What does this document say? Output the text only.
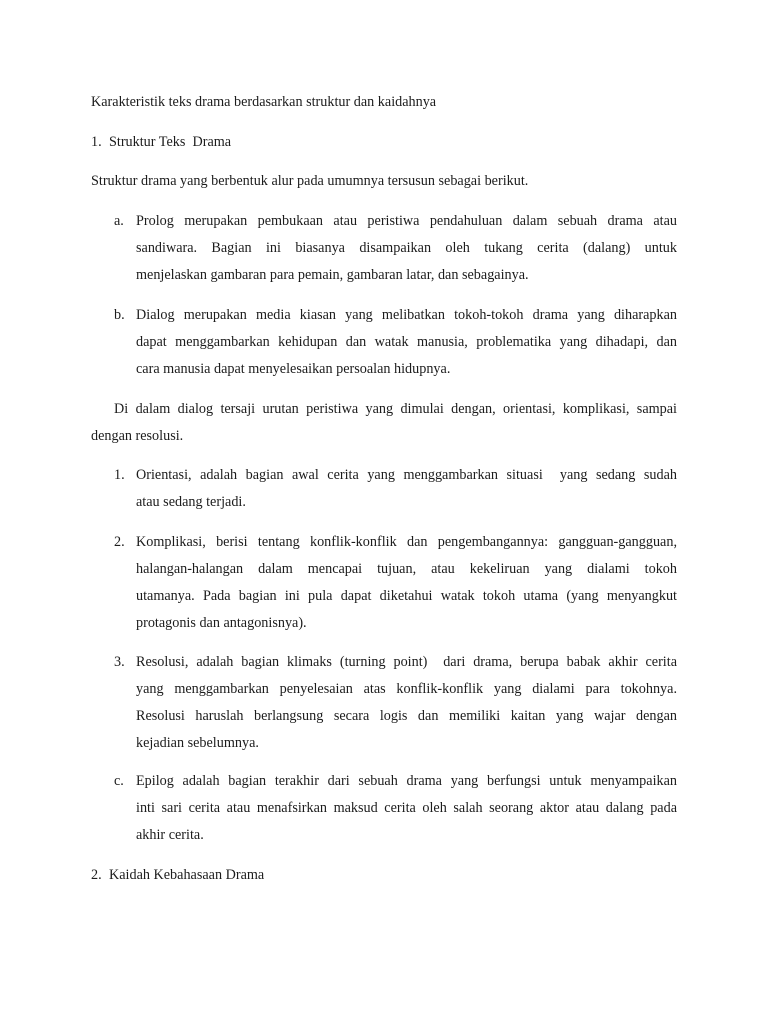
Karakteristik teks drama berdasarkan struktur dan kaidahnya
1. Struktur Teks  Drama
Struktur drama yang berbentuk alur pada umumnya tersusun sebagai berikut.
a. Prolog merupakan pembukaan atau peristiwa pendahuluan dalam sebuah drama atau
sandiwara. Bagian ini biasanya disampaikan oleh tukang cerita (dalang) untuk
menjelaskan gambaran para pemain, gambaran latar, dan sebagainya.
b. Dialog merupakan media kiasan yang melibatkan tokoh-tokoh drama yang diharapkan
dapat menggambarkan kehidupan dan watak manusia, problematika yang dihadapi, dan
cara manusia dapat menyelesaikan persoalan hidupnya.
Di dalam dialog tersaji urutan peristiwa yang dimulai dengan, orientasi, komplikasi, sampai
dengan resolusi.
1. Orientasi, adalah bagian awal cerita yang menggambarkan situasi  yang sedang sudah
atau sedang terjadi.
2. Komplikasi, berisi tentang konflik-konflik dan pengembangannya: gangguan-gangguan,
halangan-halangan dalam mencapai tujuan, atau kekeliruan yang dialami tokoh
utamanya. Pada bagian ini pula dapat diketahui watak tokoh utama (yang menyangkut
protagonis dan antagonisnya).
3. Resolusi, adalah bagian klimaks (turning point)  dari drama, berupa babak akhir cerita
yang menggambarkan penyelesaian atas konflik-konflik yang dialami para tokohnya.
Resolusi haruslah berlangsung secara logis dan memiliki kaitan yang wajar dengan
kejadian sebelumnya.
c. Epilog adalah bagian terakhir dari sebuah drama yang berfungsi untuk menyampaikan
inti sari cerita atau menafsirkan maksud cerita oleh salah seorang aktor atau dalang pada
akhir cerita.
2. Kaidah Kebahasaan Drama
